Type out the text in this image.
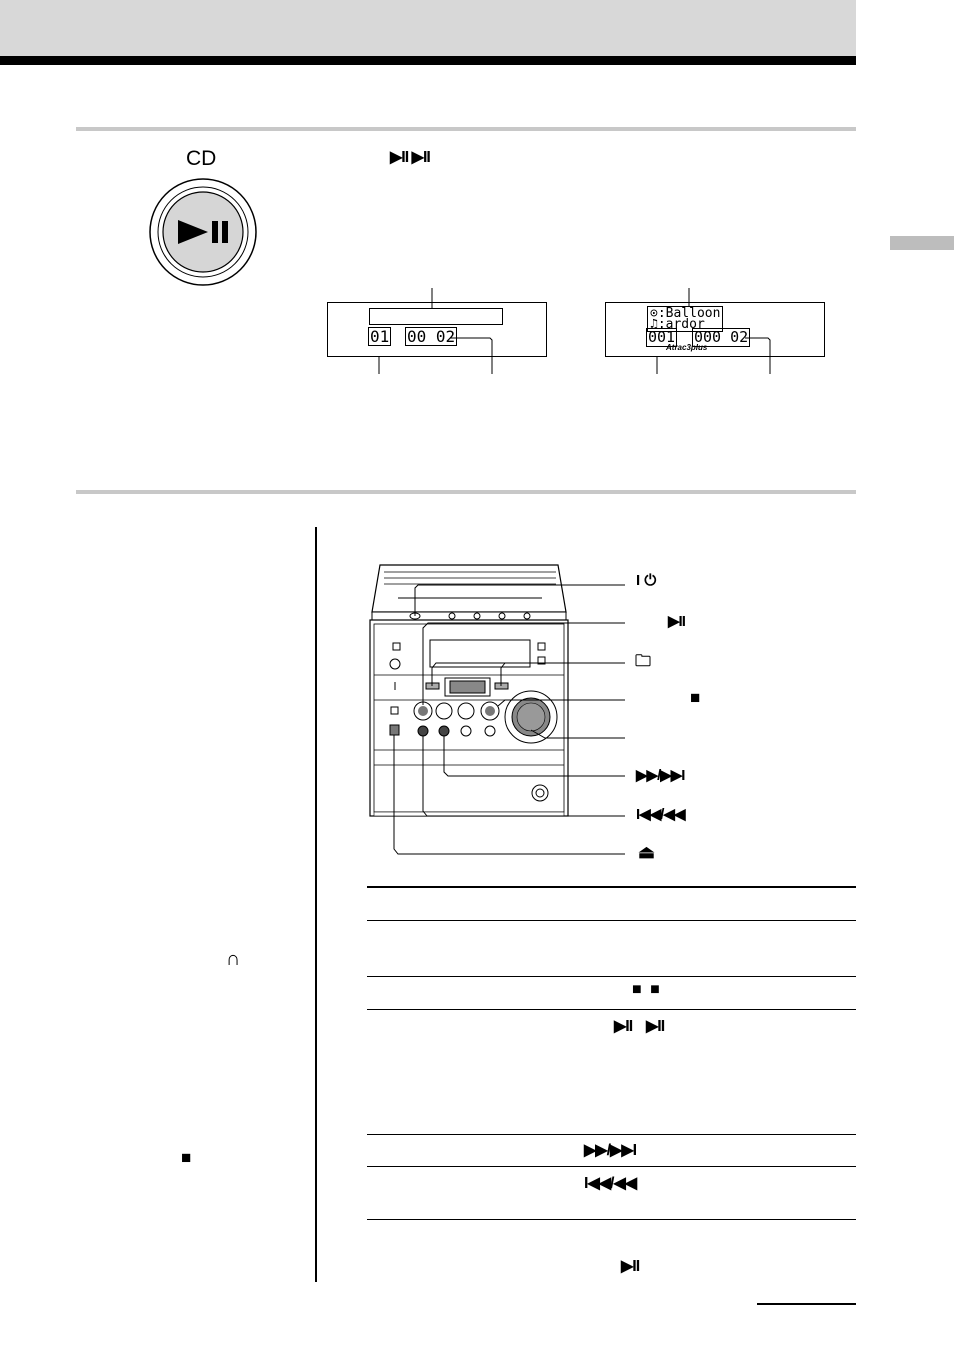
CD	▶II ▶II
01 00 02
⊙:Balloon
♫:ardor
001 000 02
Atrac3plus
∩
■
I ⏻
▶II
🗀
■
▶▶/▶▶I
I◀◀/◀◀
⏏
■ ■
▶II    ▶II
▶▶/▶▶I
I◀◀/◀◀
▶II
